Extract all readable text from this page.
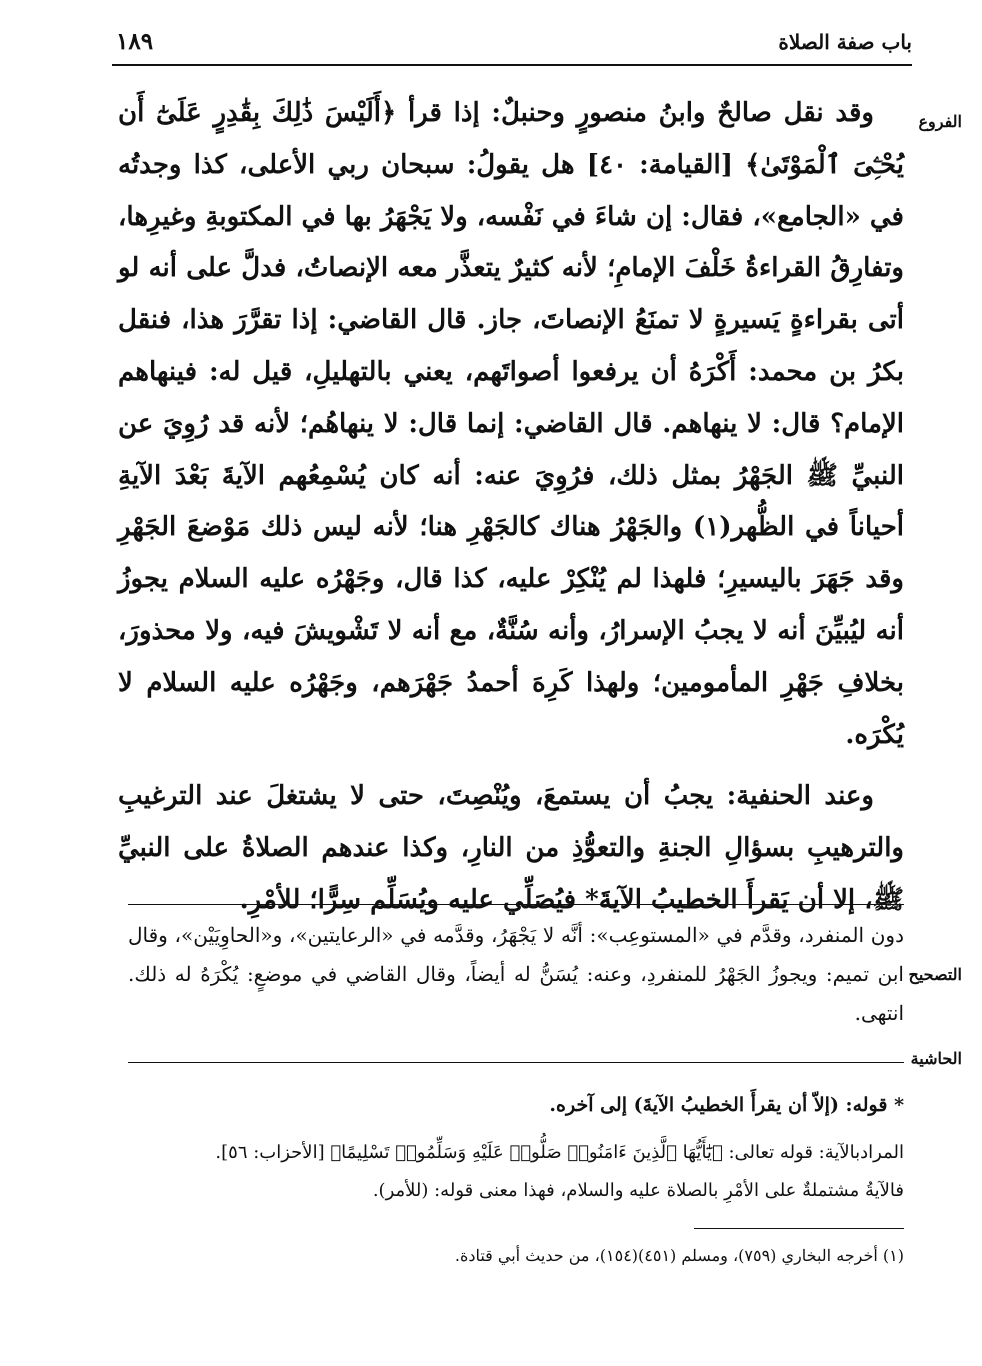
باب صفة الصلاة
١٨٩
الفروع
التصحيح
الحاشية

وقد نقل صالحٌ وابنُ منصورٍ وحنبلٌ: إذا قرأ ﴿أَلَيْسَ ذَٰلِكَ بِقَٰدِرٍ عَلَىٰٓ أَن يُحْـِۧىَ ٱلْمَوْتَىٰ﴾ [القيامة: ٤٠] هل يقولُ: سبحان ربي الأعلى، كذا وجدتُه في «الجامع»، فقال: إن شاءَ في نَفْسه، ولا يَجْهَرُ بها في المكتوبةِ وغيرِها، وتفارِقُ القراءةُ خَلْفَ الإمامِ؛ لأنه كثيرٌ يتعذَّر معه الإنصاتُ، فدلَّ على أنه لو أتى بقراءةٍ يَسيرةٍ لا تمنَعُ الإنصاتَ، جاز. قال القاضي: إذا تقرَّرَ هذا، فنقل بكرُ بن محمد: أَكْرَهُ أن يرفعوا أصواتَهم، يعني بالتهليلِ، قيل له: فينهاهم الإمام؟ قال: لا ينهاهم. قال القاضي: إنما قال: لا ينهاهُم؛ لأنه قد رُوِيَ عن النبيِّ ﷺ الجَهْرُ بمثل ذلك، فرُوِيَ عنه: أنه كان يُسْمِعُهم الآيةَ بَعْدَ الآيةِ أحياناً في الظُّهر(١) والجَهْرُ هناك كالجَهْرِ هنا؛ لأنه ليس ذلك مَوْضعَ الجَهْرِ وقد جَهَرَ باليسيرِ؛ فلهذا لم يُنْكِرْ عليه، كذا قال، وجَهْرُه عليه السلام يجوزُ أنه ليُبيِّنَ أنه لا يجبُ الإسرارُ، وأنه سُنَّةٌ، مع أنه لا تَشْويشَ فيه، ولا محذورَ، بخلافِ جَهْرِ المأمومين؛ ولهذا كَرِهَ أحمدُ جَهْرَهم، وجَهْرُه عليه السلام لا يُكْرَه.

وعند الحنفية: يجبُ أن يستمعَ، ويُنْصِتَ، حتى لا يشتغلَ عند الترغيبِ والترهيبِ بسؤالِ الجنةِ والتعوُّذِ من النارِ، وكذا عندهم الصلاةُ على النبيِّ ﷺ، إلا أن يَقرأَ الخطيبُ الآيةَ* فيُصَلِّي عليه ويُسَلِّم سِرًّا؛ للأمْرِ.

دون المنفرد، وقدَّم في «المستوعِب»: أنَّه لا يَجْهَرُ، وقدَّمه في «الرعايتين»، و«الحاوِيَيْن»، وقال ابن تميم: ويجوزُ الجَهْرُ للمنفردِ، وعنه: يُسَنُّ له أيضاً، وقال القاضي في موضعٍ: يُكْرَهُ له ذلك. انتهى.

* قوله: (إلاّ أن يقرأَ الخطيبُ الآيةَ) إلى آخره.

المرادبالآية: قوله تعالى: ﴿يَٰٓأَيُّهَا ٱلَّذِينَ ءَامَنُوا۟ صَلُّوا۟ عَلَيْهِ وَسَلِّمُوا۟ تَسْلِيمًا﴾ [الأحزاب: ٥٦].

فالآيةُ مشتملةٌ على الأمْرِ بالصلاة عليه والسلام، فهذا معنى قوله: (للأمر).

(١) أخرجه البخاري (٧٥٩)، ومسلم (٤٥١)(١٥٤)، من حديث أبي قتادة.
